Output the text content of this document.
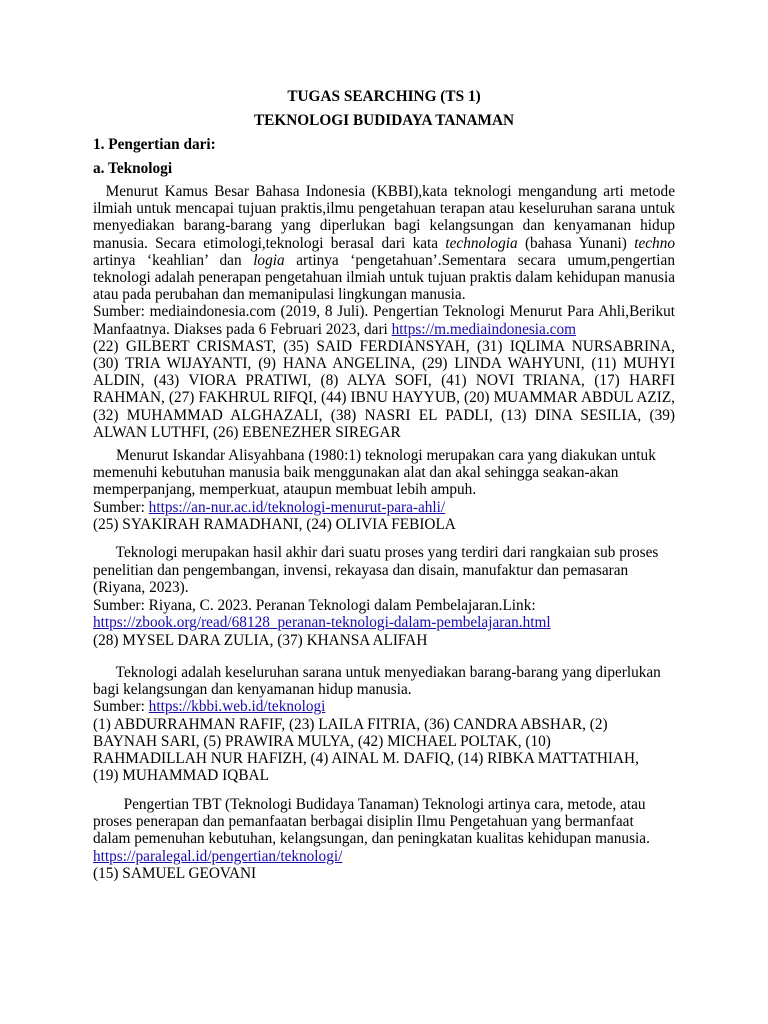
TUGAS SEARCHING (TS 1)
TEKNOLOGI BUDIDAYA TANAMAN
1. Pengertian dari:
a. Teknologi
Menurut Kamus Besar Bahasa Indonesia (KBBI),kata teknologi mengandung arti metode ilmiah untuk mencapai tujuan praktis,ilmu pengetahuan terapan atau keseluruhan sarana untuk menyediakan barang-barang yang diperlukan bagi kelangsungan dan kenyamanan hidup manusia. Secara etimologi,teknologi berasal dari kata technologia (bahasa Yunani) techno artinya ‘keahlian’ dan logia artinya ‘pengetahuan’.Sementara secara umum,pengertian teknologi adalah penerapan pengetahuan ilmiah untuk tujuan praktis dalam kehidupan manusia atau pada perubahan dan memanipulasi lingkungan manusia.
Sumber: mediaindonesia.com (2019, 8 Juli). Pengertian Teknologi Menurut Para Ahli,Berikut Manfaatnya. Diakses pada 6 Februari 2023, dari https://m.mediaindonesia.com
(22) GILBERT CRISMAST, (35) SAID FERDIANSYAH, (31) IQLIMA NURSABRINA, (30) TRIA WIJAYANTI, (9) HANA ANGELINA, (29) LINDA WAHYUNI, (11) MUHYI ALDIN, (43) VIORA PRATIWI, (8) ALYA SOFI, (41) NOVI TRIANA, (17) HARFI RAHMAN, (27) FAKHRUL RIFQI, (44) IBNU HAYYUB, (20) MUAMMAR ABDUL AZIZ, (32) MUHAMMAD ALGHAZALI, (38) NASRI EL PADLI, (13) DINA SESILIA, (39) ALWAN LUTHFI, (26) EBENEZHER SIREGAR
Menurut Iskandar Alisyahbana (1980:1) teknologi merupakan cara yang diakukan untuk
memenuhi kebutuhan manusia baik menggunakan alat dan akal sehingga seakan-akan
memperpanjang, memperkuat, ataupun membuat lebih ampuh.
Sumber: https://an-nur.ac.id/teknologi-menurut-para-ahli/
(25) SYAKIRAH RAMADHANI, (24) OLIVIA FEBIOLA
Teknologi merupakan hasil akhir dari suatu proses yang terdiri dari rangkaian sub proses
penelitian dan pengembangan, invensi, rekayasa dan disain, manufaktur dan pemasaran
(Riyana, 2023).
Sumber: Riyana, C. 2023. Peranan Teknologi dalam Pembelajaran.Link:
https://zbook.org/read/68128_peranan-teknologi-dalam-pembelajaran.html
(28) MYSEL DARA ZULIA, (37) KHANSA ALIFAH
Teknologi adalah keseluruhan sarana untuk menyediakan barang-barang yang diperlukan
bagi kelangsungan dan kenyamanan hidup manusia.
Sumber: https://kbbi.web.id/teknologi
(1) ABDURRAHMAN RAFIF, (23) LAILA FITRIA, (36) CANDRA ABSHAR, (2)
BAYNAH SARI, (5) PRAWIRA MULYA, (42) MICHAEL POLTAK, (10)
RAHMADILLAH NUR HAFIZH, (4) AINAL M. DAFIQ, (14) RIBKA MATTATHIAH,
(19) MUHAMMAD IQBAL
Pengertian TBT (Teknologi Budidaya Tanaman) Teknologi artinya cara, metode, atau
proses penerapan dan pemanfaatan berbagai disiplin Ilmu Pengetahuan yang bermanfaat
dalam pemenuhan kebutuhan, kelangsungan, dan peningkatan kualitas kehidupan manusia.
https://paralegal.id/pengertian/teknologi/
(15) SAMUEL GEOVANI
